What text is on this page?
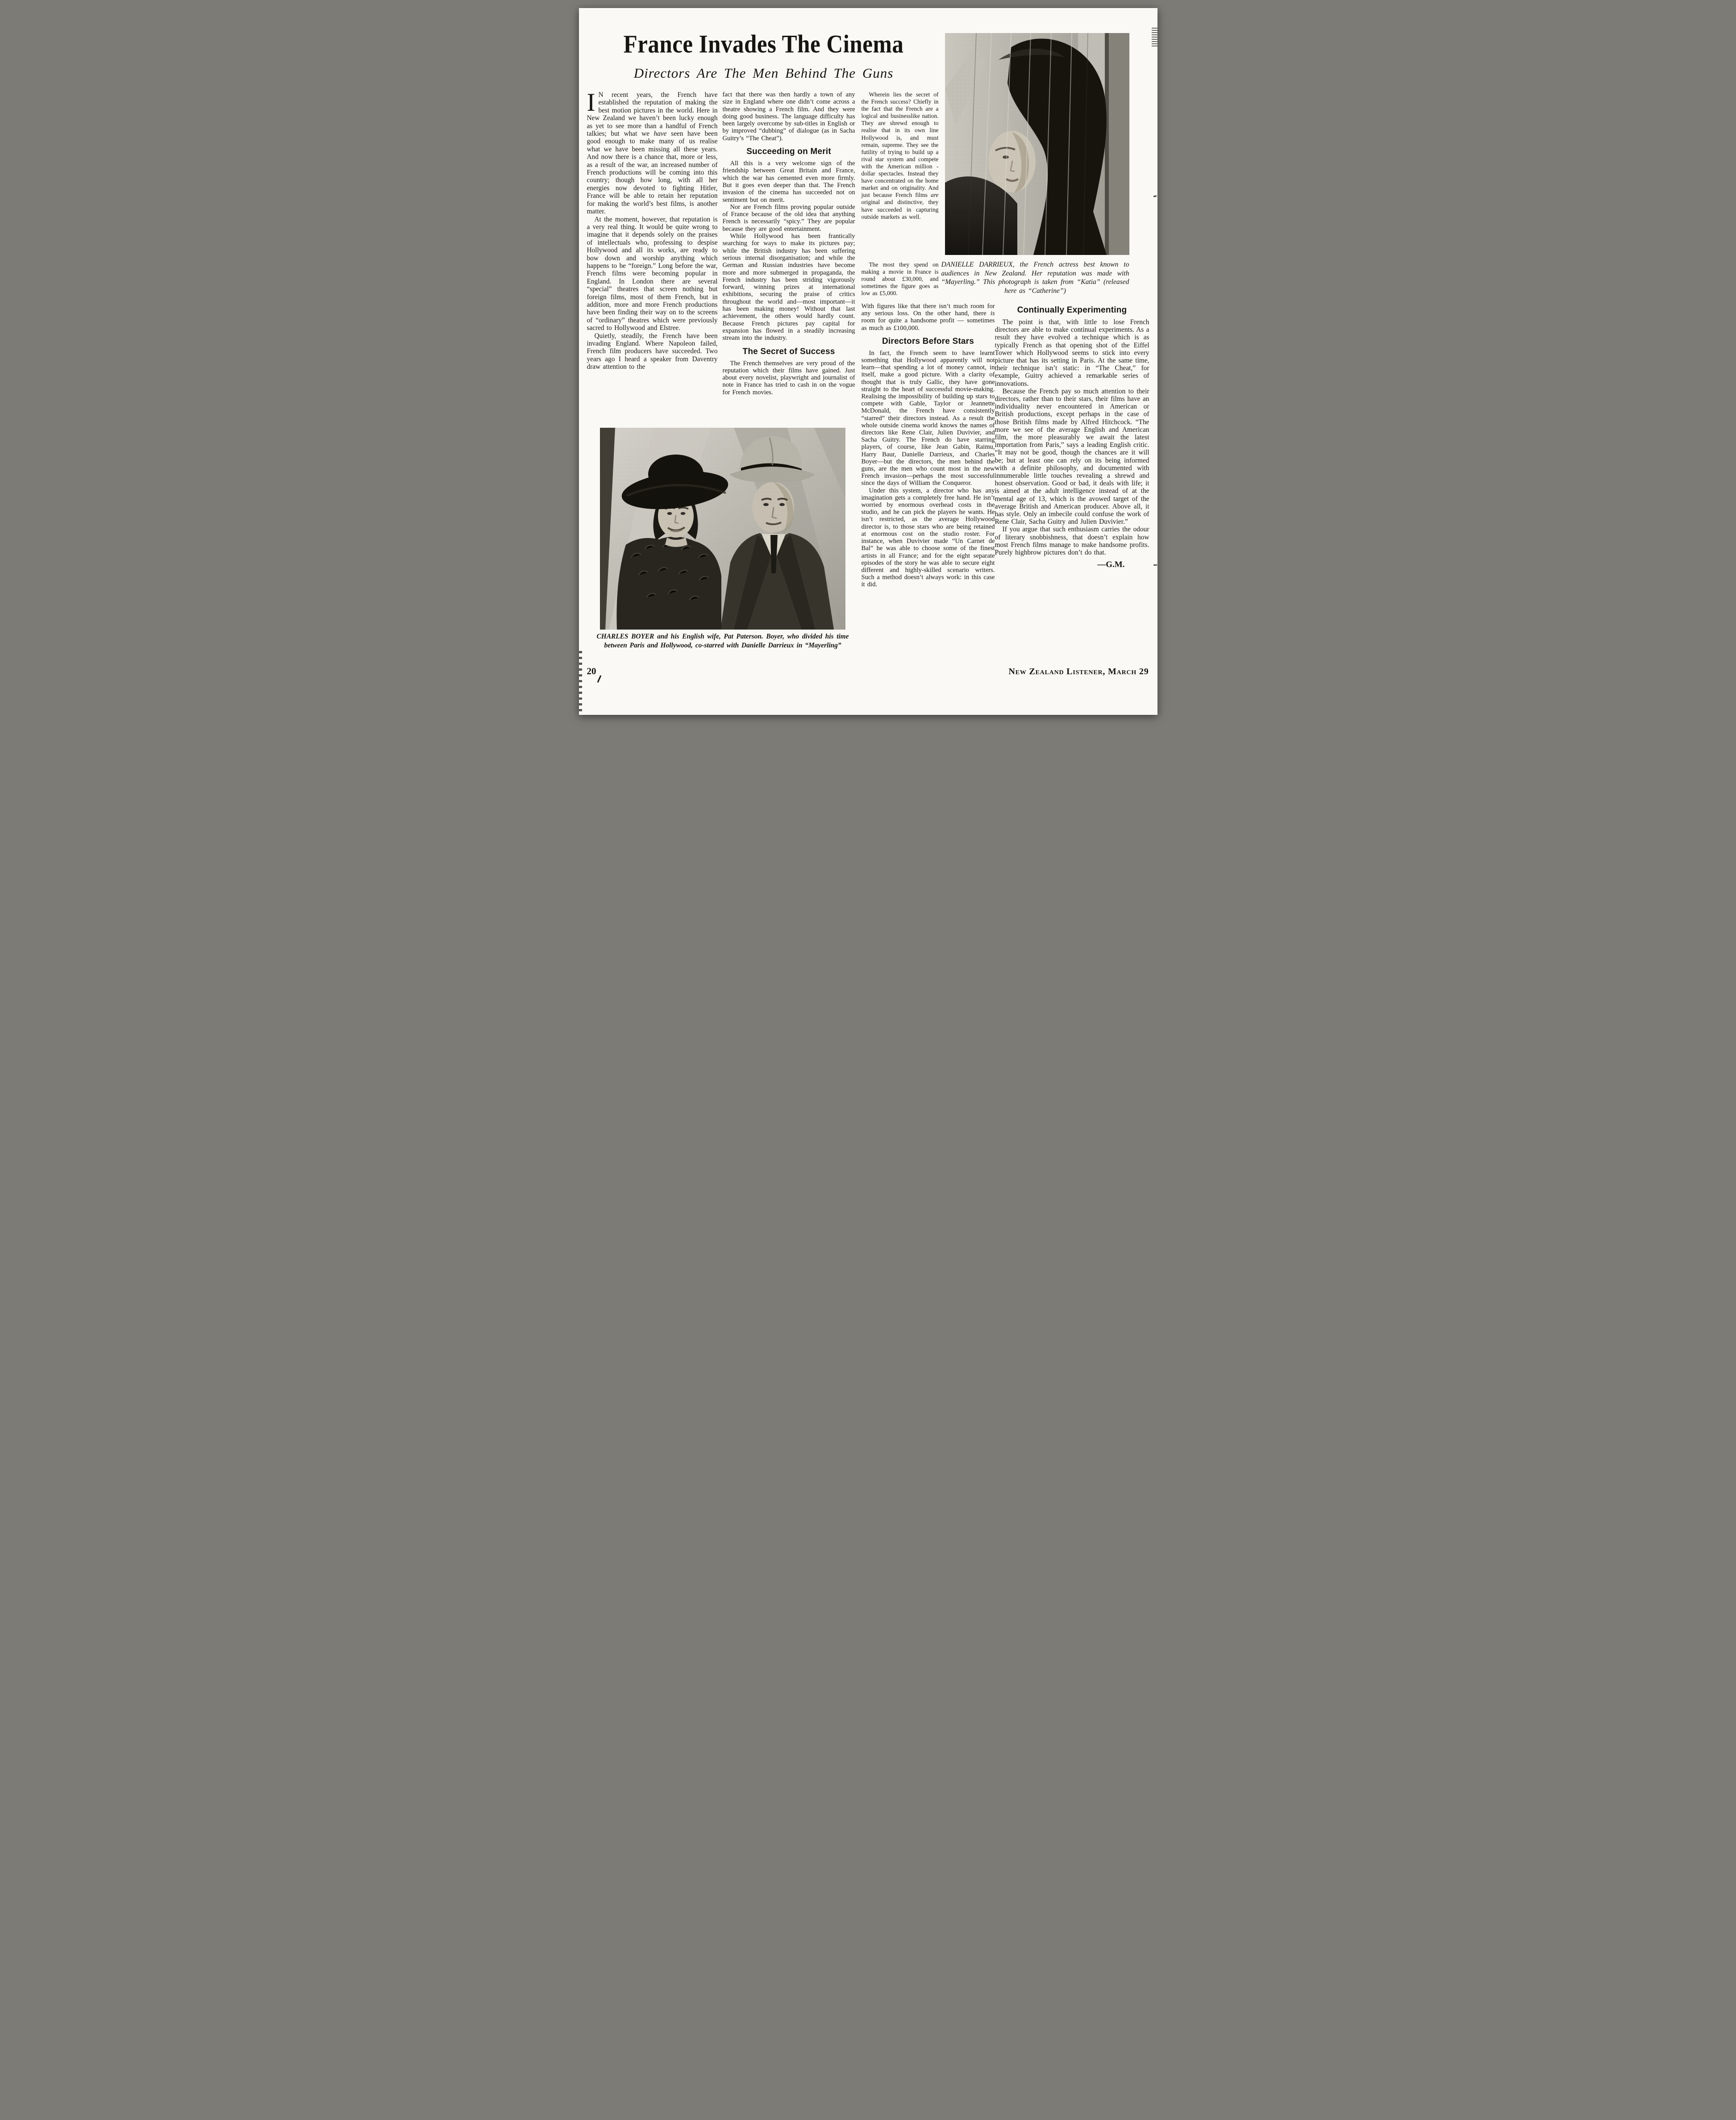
France Invades The Cinema
Directors Are The Men Behind The Guns

I N recent years, the French have established the reputation of making the best motion pictures in the world. Here in New Zealand we haven’t been lucky enough as yet to see more than a handful of French talkies; but what we have seen have been good enough to make many of us realise what we have been missing all these years. And now there is a chance that, more or less, as a result of the war, an increased number of French productions will be coming into this country; though how long, with all her energies now devoted to fighting Hitler, France will be able to retain her reputation for making the world’s best films, is another matter.

At the moment, however, that reputation is a very real thing. It would be quite wrong to imagine that it depends solely on the praises of intellectuals who, professing to despise Hollywood and all its works, are ready to bow down and worship anything which happens to be “foreign.” Long before the war, French films were becoming popular in England. In London there are several “special” theatres that screen nothing but foreign films, most of them French, but in addition, more and more French productions have been finding their way on to the screens of “ordinary” theatres which were previously sacred to Hollywood and Elstree.

Quietly, steadily, the French have been invading England. Where Napoleon failed, French film producers have succeeded. Two years ago I heard a speaker from Daventry draw attention to the

fact that there was then hardly a town of any size in England where one didn’t come across a theatre showing a French film. And they were doing good business. The language difficulty has been largely overcome by sub-titles in English or by improved “dubbing” of dialogue (as in Sacha Guitry’s “The Cheat”).

Succeeding on Merit

All this is a very welcome sign of the friendship between Great Britain and France, which the war has cemented even more firmly. But it goes even deeper than that. The French invasion of the cinema has succeeded not on sentiment but on merit.

Nor are French films proving popular outside of France because of the old idea that anything French is necessarily “spicy.” They are popular because they are good entertainment.

While Hollywood has been frantically searching for ways to make its pictures pay; while the British industry has been suffering serious internal disorganisation; and while the German and Russian industries have become more and more submerged in propaganda, the French industry has been striding vigorously forward, winning prizes at international exhibitions, securing the praise of critics throughout the world and—most important—it has been making money! Without that last achievement, the others would hardly count. Because French pictures pay capital for expansion has flowed in a steadily increasing stream into the industry.

The Secret of Success

The French themselves are very proud of the reputation which their films have gained. Just about every novelist, playwright and journalist of note in France has tried to cash in on the vogue for French movies.

Wherein lies the secret of the French success? Chiefly in the fact that the French are a logical and businesslike nation. They are shrewd enough to realise that in its own line Hollywood is, and must remain, supreme. They see the futility of trying to build up a rival star system and compete with the American million - dollar spectacles. Instead they have concentrated on the home market and on originality. And just because French films are original and distinctive, they have succeeded in capturing outside markets as well.

The most they spend on making a movie in France is round about £30,000, and sometimes the figure goes as low as £5,000.

With figures like that there isn’t much room for any serious loss. On the other hand, there is room for quite a handsome profit — sometimes as much as £100,000.

Directors Before Stars

In fact, the French seem to have learnt something that Hollywood apparently will not learn—that spending a lot of money cannot, in itself, make a good picture. With a clarity of thought that is truly Gallic, they have gone straight to the heart of successful movie-making. Realising the impossibility of building up stars to compete with Gable, Taylor or Jeannette McDonald, the French have consistently “starred” their directors instead. As a result the whole outside cinema world knows the names of directors like Rene Clair, Julien Duvivier, and Sacha Guitry. The French do have starring players, of course, like Jean Gabin, Raimu, Harry Baur, Danielle Darrieux, and Charles Boyer—but the directors, the men behind the guns, are the men who count most in the new French invasion—perhaps the most successful since the days of William the Conqueror.

Under this system, a director who has any imagination gets a completely free hand. He isn’t worried by enormous overhead costs in the studio, and he can pick the players he wants. He isn’t restricted, as the average Hollywood director is, to those stars who are being retained at enormous cost on the studio roster. For instance, when Duvivier made “Un Carnet de Bal” he was able to choose some of the finest artists in all France; and for the eight separate episodes of the story he was able to secure eight different and highly-skilled scenario writers. Such a method doesn’t always work: in this case it did.

Continually Experimenting

The point is that, with little to lose French directors are able to make continual experiments. As a result they have evolved a technique which is as typically French as that opening shot of the Eiffel Tower which Hollywood seems to stick into every picture that has its setting in Paris. At the same time, their technique isn’t static: in “The Cheat,” for example, Guitry achieved a remarkable series of innovations.

Because the French pay so much attention to their directors, rather than to their stars, their films have an individuality never encountered in American or British productions, except perhaps in the case of those British films made by Alfred Hitchcock. “The more we see of the average English and American film, the more pleasurably we await the latest importation from Paris,” says a leading English critic. “It may not be good, though the chances are it will be; but at least one can rely on its being informed with a definite philosophy, and documented with innumerable little touches revealing a shrewd and honest observation. Good or bad, it deals with life; it is aimed at the adult intelligence instead of at the mental age of 13, which is the avowed target of the average British and American producer. Above all, it has style. Only an imbecile could confuse the work of Rene Clair, Sacha Guitry and Julien Duvivier.”

If you argue that such enthusiasm carries the odour of literary snobbishness, that doesn’t explain how most French films manage to make handsome profits. Purely highbrow pictures don’t do that.

—G.M.
DANIELLE DARRIEUX, the French actress best known to audiences in New Zealand. Her reputation was made with “Mayerling.” This photograph is taken from “Katia” (released here as “Catherine”)
CHARLES BOYER and his English wife, Pat Paterson. Boyer, who divided his time between Paris and Hollywood, co-starred with Danielle Darrieux in “Mayerling”
20	New Zealand Listener, March 29
